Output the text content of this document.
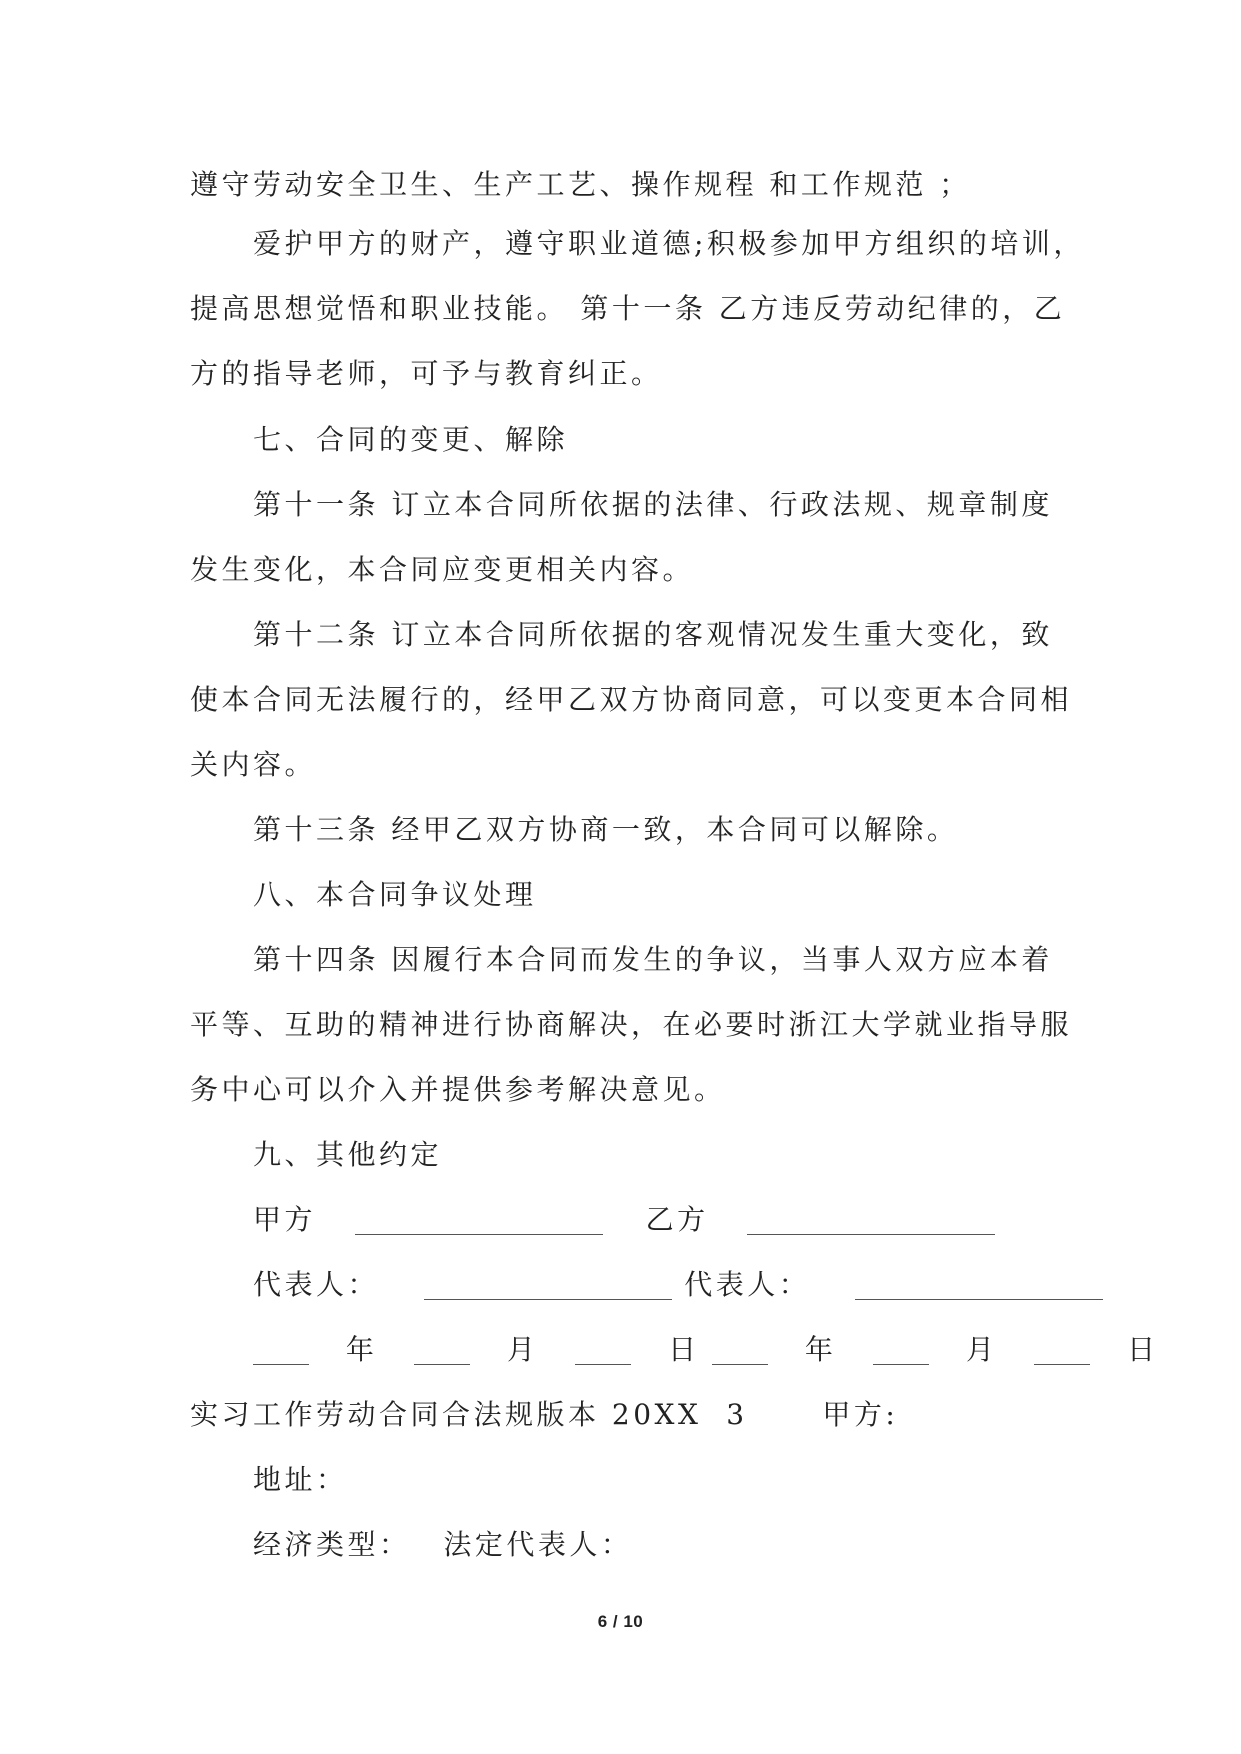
遵守劳动安全卫生、生产工艺、操作规程 和工作规范 ；

爱护甲方的财产，遵守职业道德;积极参加甲方组织的培训，

提高思想觉悟和职业技能。 第十一条 乙方违反劳动纪律的，乙

方的指导老师，可予与教育纠正。

七、合同的变更、解除

第十一条 订立本合同所依据的法律、行政法规、规章制度

发生变化，本合同应变更相关内容。

第十二条 订立本合同所依据的客观情况发生重大变化，致

使本合同无法履行的，经甲乙双方协商同意，可以变更本合同相

关内容。

第十三条 经甲乙双方协商一致，本合同可以解除。

八、本合同争议处理

第十四条 因履行本合同而发生的争议，当事人双方应本着

平等、互助的精神进行协商解决，在必要时浙江大学就业指导服

务中心可以介入并提供参考解决意见。

九、其他约定

甲方	乙方
代表人：	代表人：
年	月	日	年	月	日
实习工作劳动合同合法规版本 20XX  3	甲方:

地址：

经济类型： 法定代表人：
6 / 10
